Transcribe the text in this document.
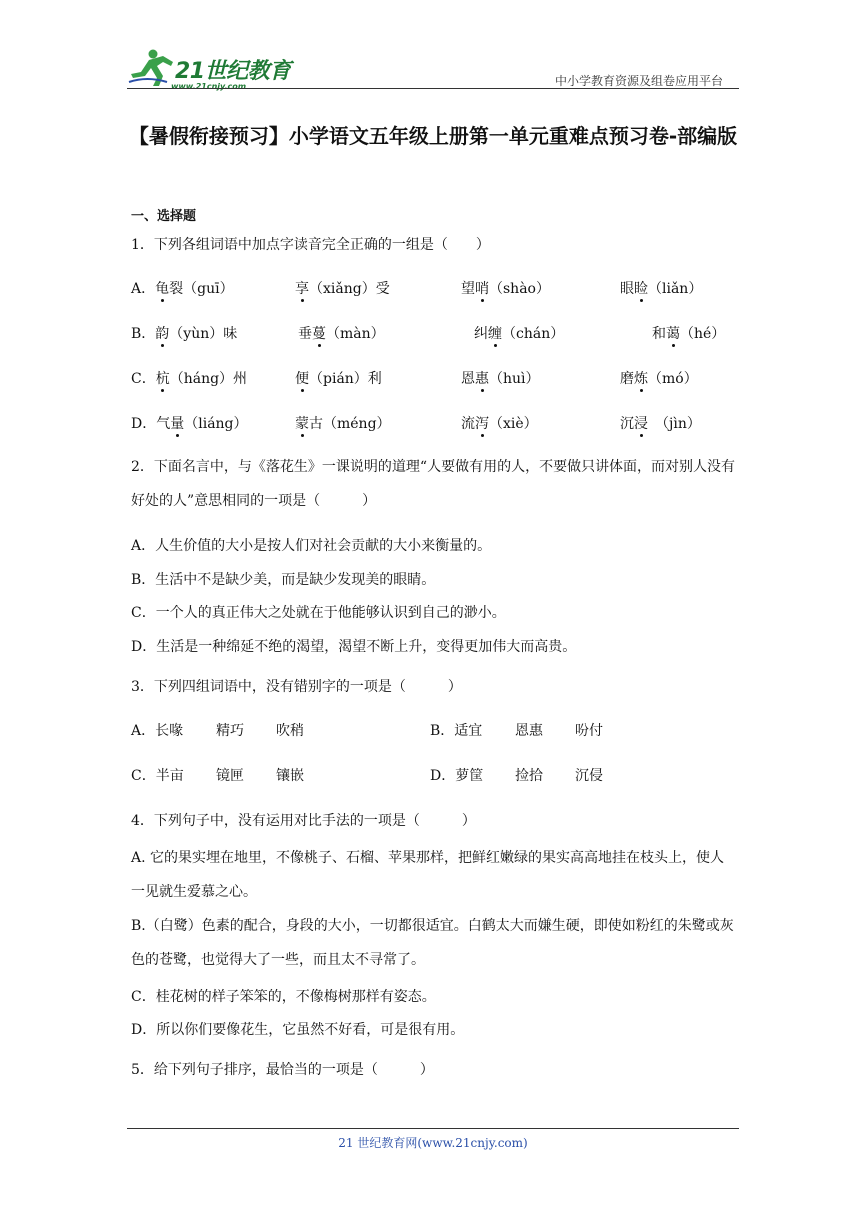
21世纪教育
www.21cnjy.com	中小学教育资源及组卷应用平台
【暑假衔接预习】小学语文五年级上册第一单元重难点预习卷-部编版
一、选择题
1．下列各组词语中加点字读音完全正确的一组是（　　）
A．龟裂（guī）	享（xiǎng）受	望哨（shào）	眼睑（liǎn）
B．韵（yùn）味	垂蔓（màn）	纠缠（chán）	和蔼（hé）
C．杭（háng）州	便（pián）利	恩惠（huì）	磨炼（mó）
D．气量（liáng）	蒙古（méng）	流泻（xiè）	沉浸　（jìn）
2．下面名言中，与《落花生》一课说明的道理“人要做有用的人，不要做只讲体面，而对别人没有好处的人”意思相同的一项是（　　　）
A．人生价值的大小是按人们对社会贡献的大小来衡量的。
B．生活中不是缺少美，而是缺少发现美的眼睛。
C．一个人的真正伟大之处就在于他能够认识到自己的渺小。
D．生活是一种绵延不绝的渴望，渴望不断上升，变得更加伟大而高贵。
3．下列四组词语中，没有错别字的一项是（　　　）
A．长喙 精巧 吹稍	B．适宜 恩惠 吩付
C．半亩 镜匣 镶嵌	D．萝筐 捡拾 沉侵
4．下列句子中，没有运用对比手法的一项是（　　　）
A. 它的果实埋在地里，不像桃子、石榴、苹果那样，把鲜红嫩绿的果实高高地挂在枝头上，使人一见就生爱慕之心。
B.（白鹭）色素的配合，身段的大小，一切都很适宜。白鹤太大而嫌生硬，即使如粉红的朱鹭或灰色的苍鹭，也觉得大了一些，而且太不寻常了。
C．桂花树的样子笨笨的，不像梅树那样有姿态。
D．所以你们要像花生，它虽然不好看，可是很有用。
5．给下列句子排序，最恰当的一项是（　　　）
21 世纪教育网(www.21cnjy.com)
